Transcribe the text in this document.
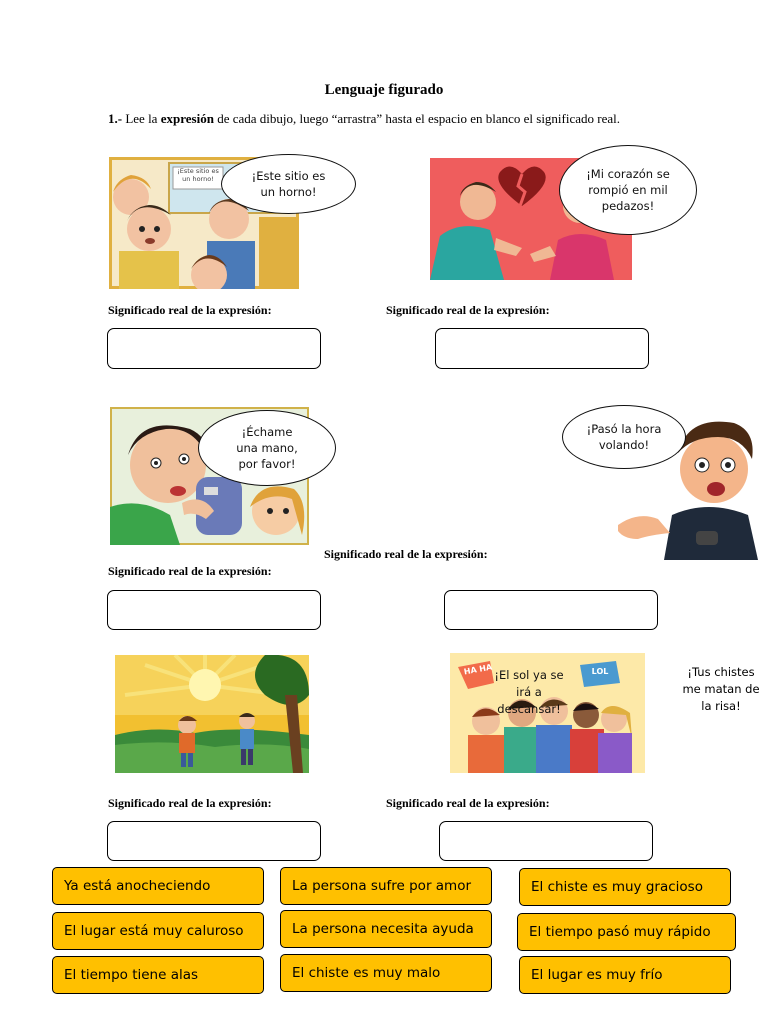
Lenguaje figurado
1.- Lee la expresión de cada dibujo, luego “arrastra” hasta el espacio en blanco el significado real.
¡Este sitio es un horno!	¡Este sitio es un horno!
¡Mi corazón se rompió en mil pedazos!
Significado real de la expresión:	Significado real de la expresión:
¡Échame una mano, por favor!
¡Pasó la hora volando!
Significado real de la expresión:
Significado real de la expresión:
HA HA	LOL
¡El sol ya se irá a descansar!
¡Tus chistes me matan de la risa!
Significado real de la expresión:	Significado real de la expresión:
Ya está anocheciendo	La persona sufre por amor	El chiste es muy gracioso
El lugar está muy caluroso	La persona necesita ayuda	El tiempo pasó muy rápido
El tiempo tiene alas	El chiste es muy malo	El lugar es muy frío
